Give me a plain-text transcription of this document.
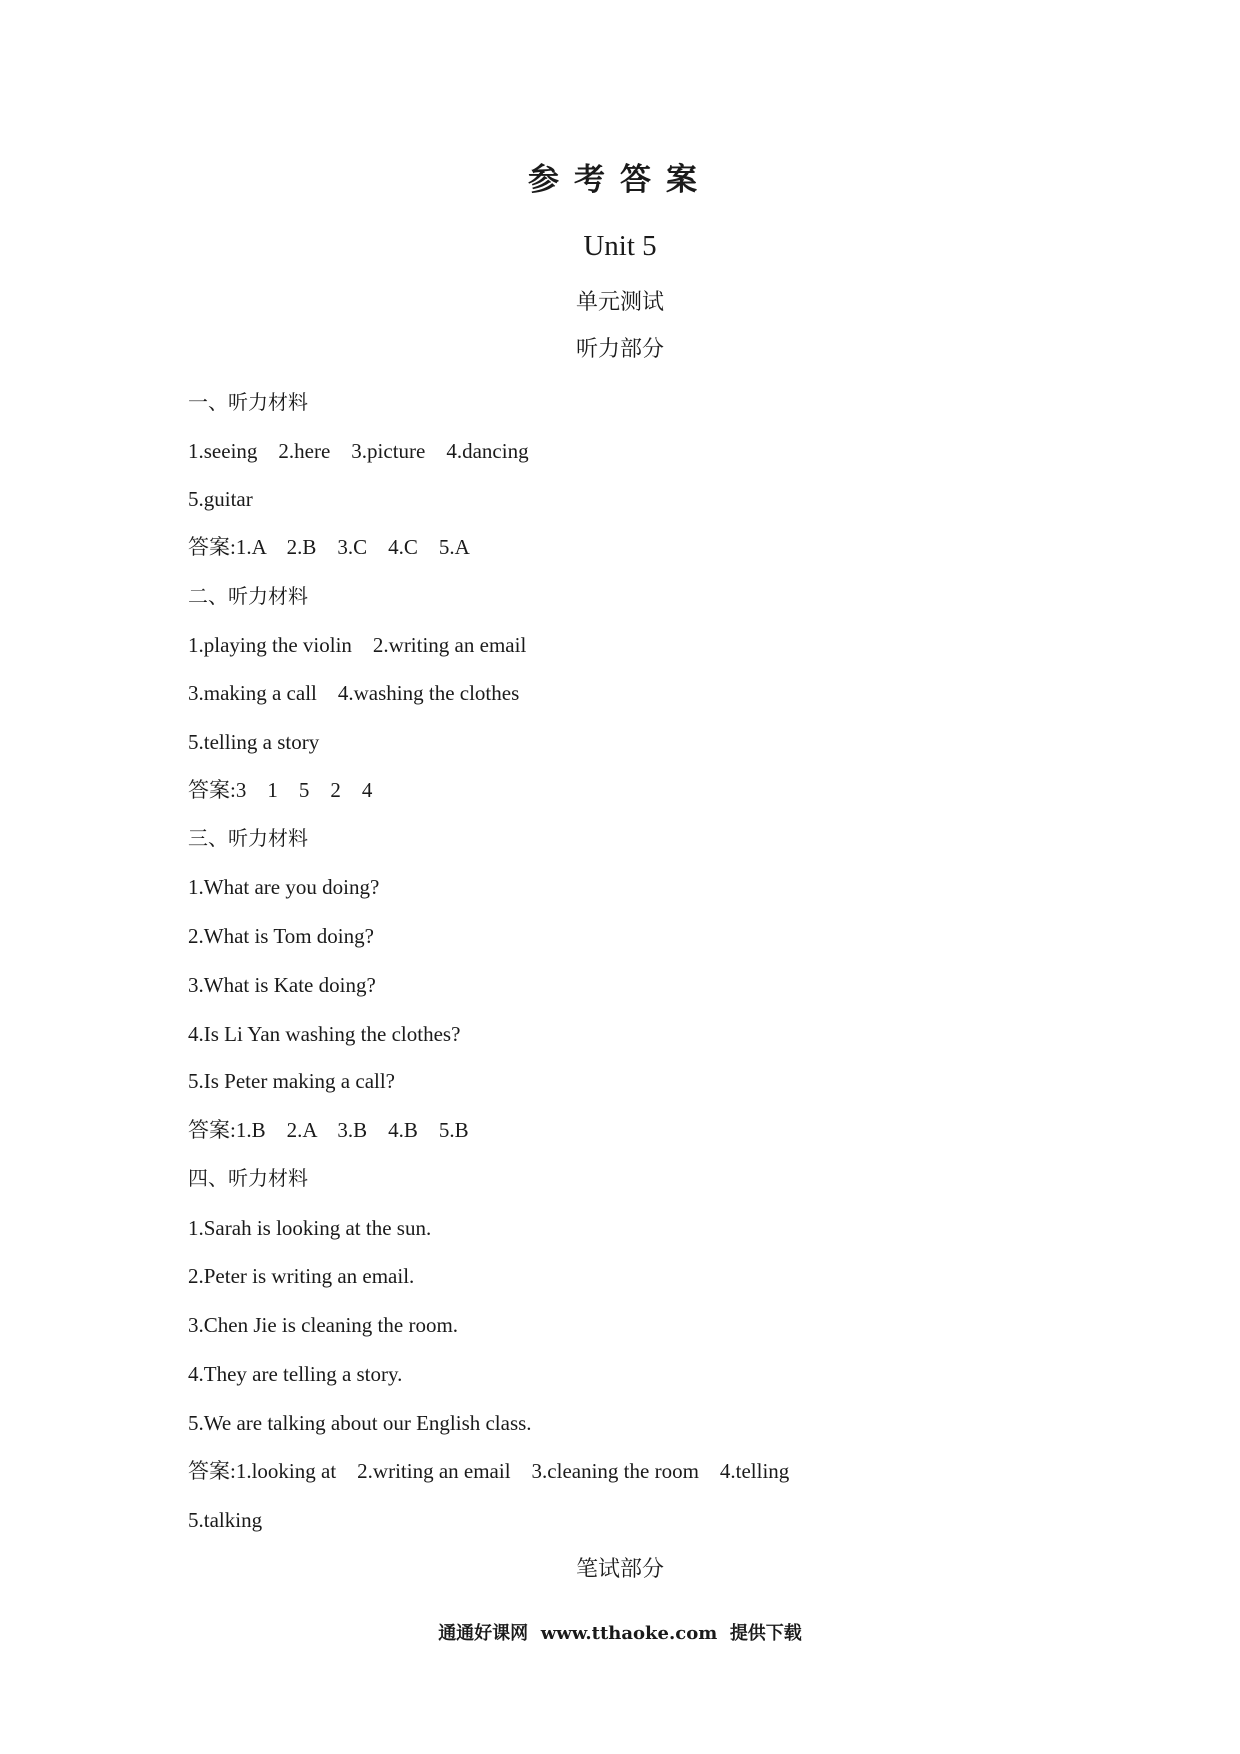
参考答案
Unit 5
单元测试
听力部分
一、听力材料
1.seeing    2.here    3.picture    4.dancing
5.guitar
答案:1.A    2.B    3.C    4.C    5.A
二、听力材料
1.playing the violin    2.writing an email
3.making a call    4.washing the clothes
5.telling a story
答案:3    1    5    2    4
三、听力材料
1.What are you doing?
2.What is Tom doing?
3.What is Kate doing?
4.Is Li Yan washing the clothes?
5.Is Peter making a call?
答案:1.B    2.A    3.B    4.B    5.B
四、听力材料
1.Sarah is looking at the sun.
2.Peter is writing an email.
3.Chen Jie is cleaning the room.
4.They are telling a story.
5.We are talking about our English class.
答案:1.looking at    2.writing an email    3.cleaning the room    4.telling
5.talking
笔试部分
通通好课网 www.tthaoke.com 提供下载
